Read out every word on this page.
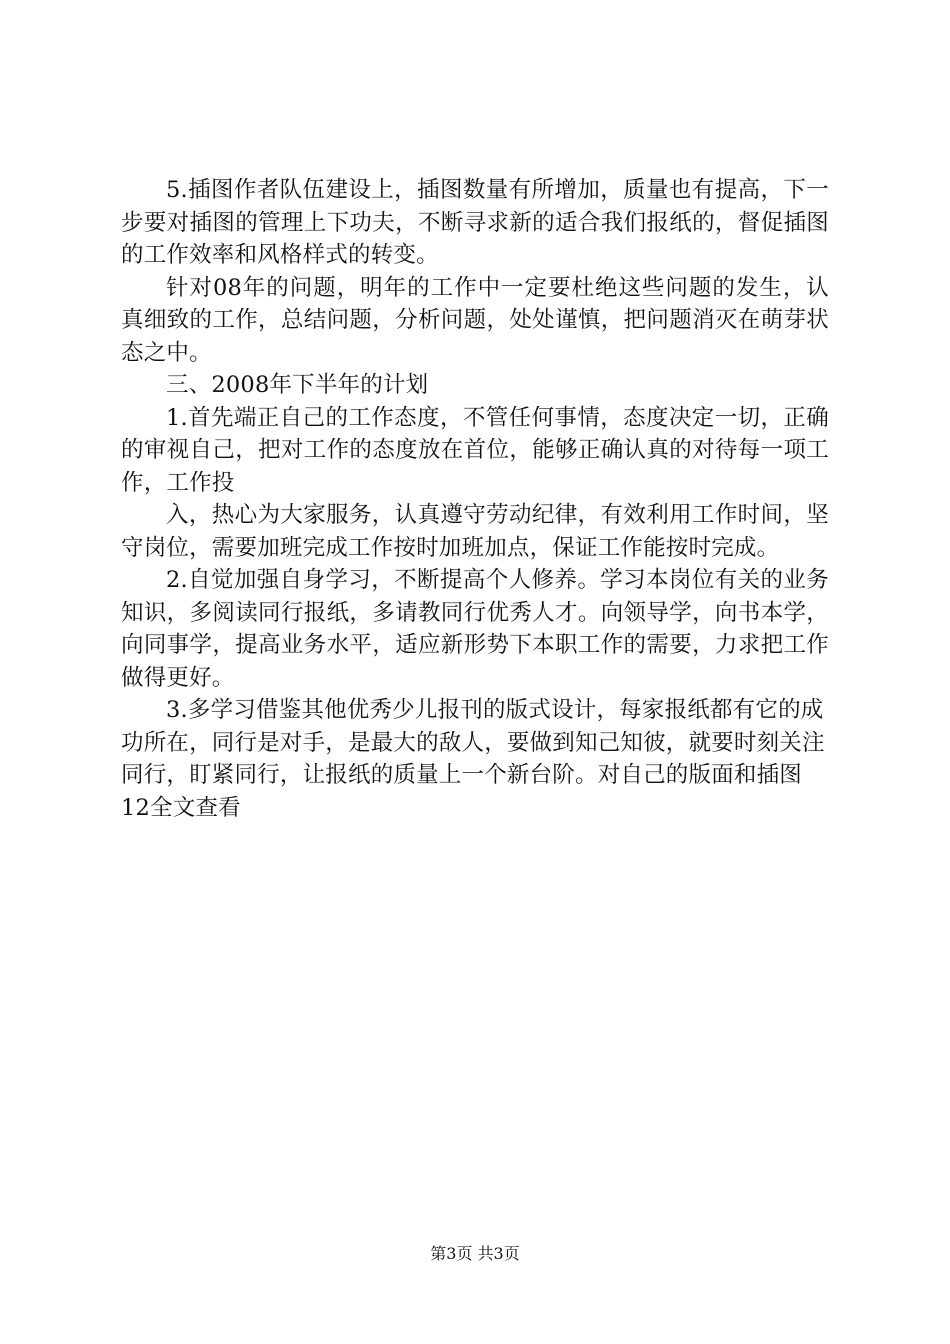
5.插图作者队伍建设上，插图数量有所增加，质量也有提高，下一步要对插图的管理上下功夫，不断寻求新的适合我们报纸的，督促插图的工作效率和风格样式的转变。

针对08年的问题，明年的工作中一定要杜绝这些问题的发生，认真细致的工作，总结问题，分析问题，处处谨慎，把问题消灭在萌芽状态之中。

三、2008年下半年的计划

1.首先端正自己的工作态度，不管任何事情，态度决定一切，正确的审视自己，把对工作的态度放在首位，能够正确认真的对待每一项工作，工作投

入，热心为大家服务，认真遵守劳动纪律，有效利用工作时间，坚守岗位，需要加班完成工作按时加班加点，保证工作能按时完成。

2.自觉加强自身学习，不断提高个人修养。学习本岗位有关的业务知识，多阅读同行报纸，多请教同行优秀人才。向领导学，向书本学，向同事学，提高业务水平，适应新形势下本职工作的需要，力求把工作做得更好。

3.多学习借鉴其他优秀少儿报刊的版式设计，每家报纸都有它的成功所在，同行是对手，是最大的敌人，要做到知己知彼，就要时刻关注同行，盯紧同行，让报纸的质量上一个新台阶。对自己的版面和插图12全文查看

第3页 共3页
